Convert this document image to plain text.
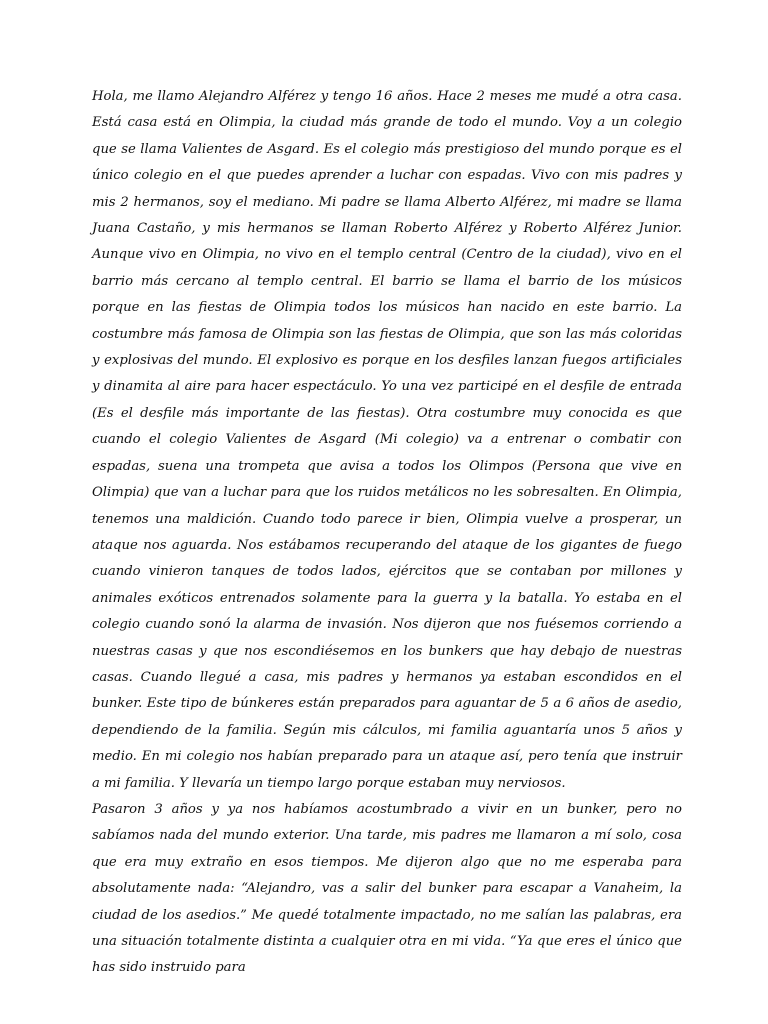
Hola, me llamo Alejandro Alférez y tengo 16 años. Hace 2 meses me mudé a otra casa. Está casa está en Olimpia, la ciudad más grande de todo el mundo. Voy a un colegio que se llama Valientes de Asgard. Es el colegio más prestigioso del mundo porque es el único colegio en el que puedes aprender a luchar con espadas. Vivo con mis padres y mis 2 hermanos, soy el mediano. Mi padre se llama Alberto Alférez, mi madre se llama Juana Castaño, y mis hermanos se llaman Roberto Alférez y Roberto Alférez Junior. Aunque vivo en Olimpia, no vivo en el templo central (Centro de la ciudad), vivo en el barrio más cercano al templo central. El barrio se llama el barrio de los músicos porque en las fiestas de Olimpia todos los músicos han nacido en este barrio. La costumbre más famosa de Olimpia son las fiestas de Olimpia, que son las más coloridas y explosivas del mundo. El explosivo es porque en los desfiles lanzan fuegos artificiales y dinamita al aire para hacer espectáculo. Yo una vez participé en el desfile de entrada (Es el desfile más importante de las fiestas). Otra costumbre muy conocida es que cuando el colegio Valientes de Asgard (Mi colegio) va a entrenar o combatir con espadas, suena una trompeta que avisa a todos los Olimpos (Persona que vive en Olimpia) que van a luchar para que los ruidos metálicos no les sobresalten. En Olimpia, tenemos una maldición. Cuando todo parece ir bien, Olimpia vuelve a prosperar, un ataque nos aguarda. Nos estábamos recuperando del ataque de los gigantes de fuego cuando vinieron tanques de todos lados, ejércitos que se contaban por millones y animales exóticos entrenados solamente para la guerra y la batalla. Yo estaba en el colegio cuando sonó la alarma de invasión. Nos dijeron que nos fuésemos corriendo a nuestras casas y que nos escondiésemos en los bunkers que hay debajo de nuestras casas. Cuando llegué a casa, mis padres y hermanos ya estaban escondidos en el bunker. Este tipo de búnkeres están preparados para aguantar de 5 a 6 años de asedio, dependiendo de la familia. Según mis cálculos, mi familia aguantaría unos 5 años y medio. En mi colegio nos habían preparado para un ataque así, pero tenía que instruir a mi familia. Y llevaría un tiempo largo porque estaban muy nerviosos.

Pasaron 3 años y ya nos habíamos acostumbrado a vivir en un bunker, pero no sabíamos nada del mundo exterior. Una tarde, mis padres me llamaron a mí solo, cosa que era muy extraño en esos tiempos. Me dijeron algo que no me esperaba para absolutamente nada: “Alejandro, vas a salir del bunker para escapar a Vanaheim, la ciudad de los asedios.” Me quedé totalmente impactado, no me salían las palabras, era una situación totalmente distinta a cualquier otra en mi vida. “Ya que eres el único que has sido instruido para
